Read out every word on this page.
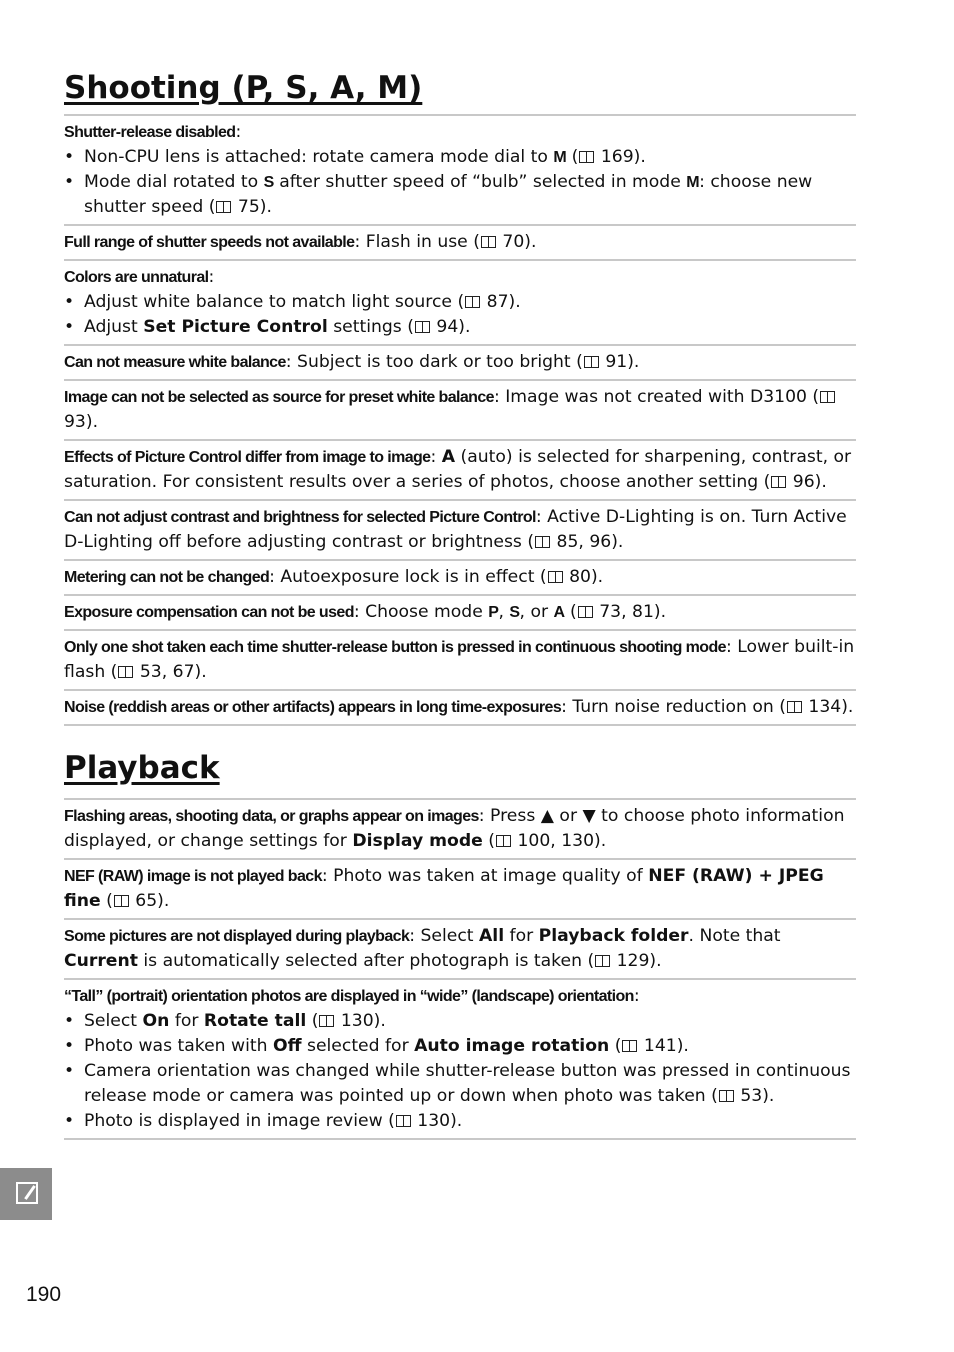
Shooting (P, S, A, M)
Shutter-release disabled:
• Non-CPU lens is attached: rotate camera mode dial to M ( 169).
• Mode dial rotated to S after shutter speed of “bulb” selected in mode M: choose new shutter speed ( 75).
Full range of shutter speeds not available: Flash in use ( 70).
Colors are unnatural:
• Adjust white balance to match light source ( 87).
• Adjust Set Picture Control settings ( 94).
Can not measure white balance: Subject is too dark or too bright ( 91).
Image can not be selected as source for preset white balance: Image was not created with D3100 ( 93).
Effects of Picture Control differ from image to image: A (auto) is selected for sharpening, contrast, or saturation. For consistent results over a series of photos, choose another setting ( 96).
Can not adjust contrast and brightness for selected Picture Control: Active D-Lighting is on. Turn Active D-Lighting off before adjusting contrast or brightness ( 85, 96).
Metering can not be changed: Autoexposure lock is in effect ( 80).
Exposure compensation can not be used: Choose mode P, S, or A ( 73, 81).
Only one shot taken each time shutter-release button is pressed in continuous shooting mode: Lower built-in flash ( 53, 67).
Noise (reddish areas or other artifacts) appears in long time-exposures: Turn noise reduction on ( 134).
Playback
Flashing areas, shooting data, or graphs appear on images: Press ▲ or ▼ to choose photo information displayed, or change settings for Display mode ( 100, 130).
NEF (RAW) image is not played back: Photo was taken at image quality of NEF (RAW) + JPEG fine ( 65).
Some pictures are not displayed during playback: Select All for Playback folder. Note that Current is automatically selected after photograph is taken ( 129).
“Tall” (portrait) orientation photos are displayed in “wide” (landscape) orientation:
• Select On for Rotate tall ( 130).
• Photo was taken with Off selected for Auto image rotation ( 141).
• Camera orientation was changed while shutter-release button was pressed in continuous release mode or camera was pointed up or down when photo was taken ( 53).
• Photo is displayed in image review ( 130).
190
